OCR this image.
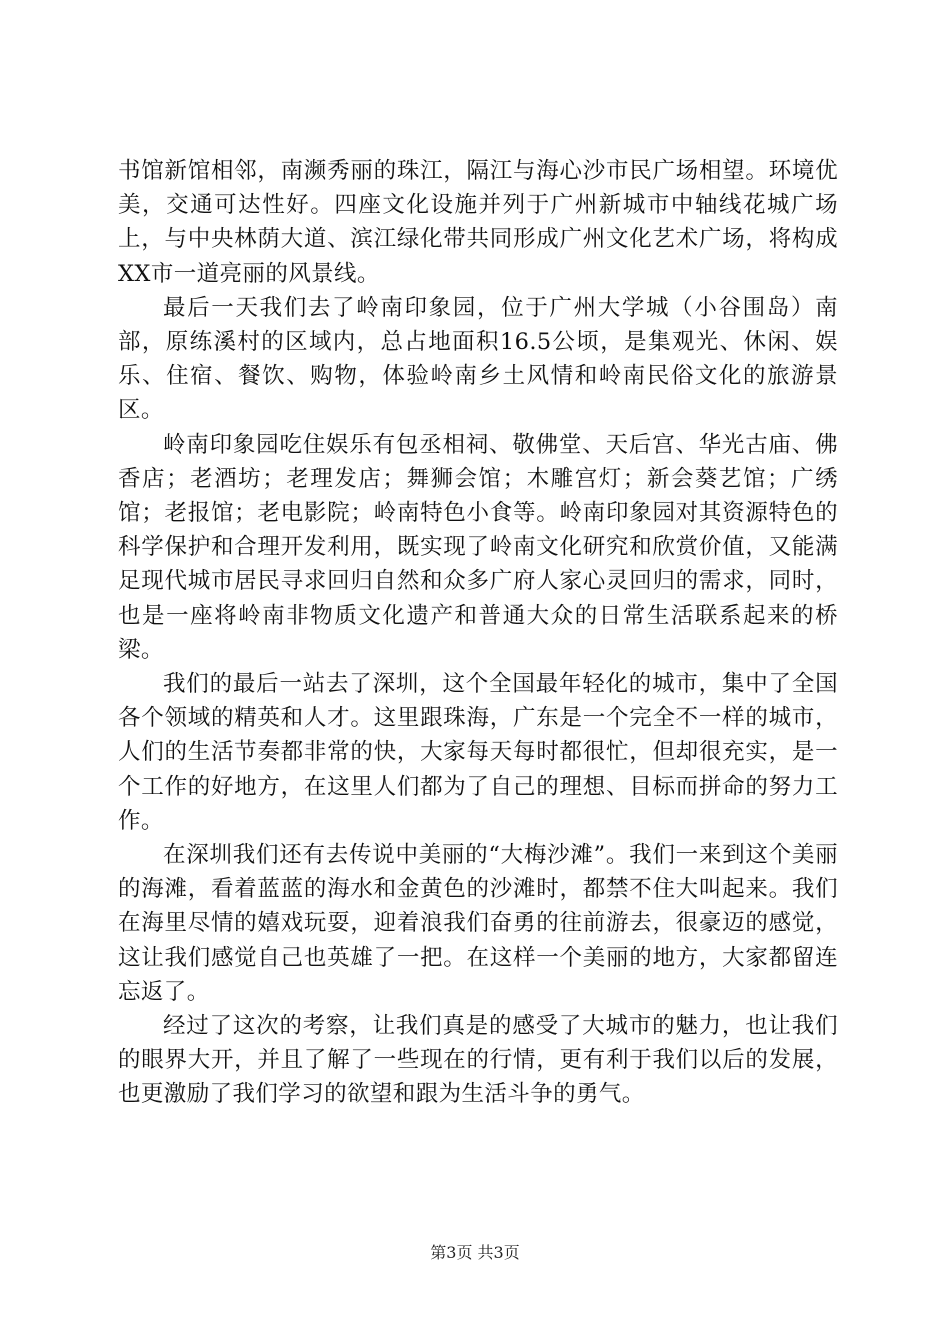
书馆新馆相邻，南濒秀丽的珠江，隔江与海心沙市民广场相望。环境优美，交通可达性好。四座文化设施并列于广州新城市中轴线花城广场上，与中央林荫大道、滨江绿化带共同形成广州文化艺术广场，将构成XX市一道亮丽的风景线。

最后一天我们去了岭南印象园，位于广州大学城（小谷围岛）南部，原练溪村的区域内，总占地面积16.5公顷，是集观光、休闲、娱乐、住宿、餐饮、购物，体验岭南乡土风情和岭南民俗文化的旅游景区。

岭南印象园吃住娱乐有包丞相祠、敬佛堂、天后宫、华光古庙、佛香店；老酒坊；老理发店；舞狮会馆；木雕宫灯；新会葵艺馆；广绣馆；老报馆；老电影院；岭南特色小食等。岭南印象园对其资源特色的科学保护和合理开发利用，既实现了岭南文化研究和欣赏价值，又能满足现代城市居民寻求回归自然和众多广府人家心灵回归的需求，同时，也是一座将岭南非物质文化遗产和普通大众的日常生活联系起来的桥梁。

我们的最后一站去了深圳，这个全国最年轻化的城市，集中了全国各个领域的精英和人才。这里跟珠海，广东是一个完全不一样的城市，人们的生活节奏都非常的快，大家每天每时都很忙，但却很充实，是一个工作的好地方，在这里人们都为了自己的理想、目标而拼命的努力工作。

在深圳我们还有去传说中美丽的“大梅沙滩”。我们一来到这个美丽的海滩，看着蓝蓝的海水和金黄色的沙滩时，都禁不住大叫起来。我们在海里尽情的嬉戏玩耍，迎着浪我们奋勇的往前游去，很豪迈的感觉，这让我们感觉自己也英雄了一把。在这样一个美丽的地方，大家都留连忘返了。

经过了这次的考察，让我们真是的感受了大城市的魅力，也让我们的眼界大开，并且了解了一些现在的行情，更有利于我们以后的发展，也更激励了我们学习的欲望和跟为生活斗争的勇气。

第3页 共3页
